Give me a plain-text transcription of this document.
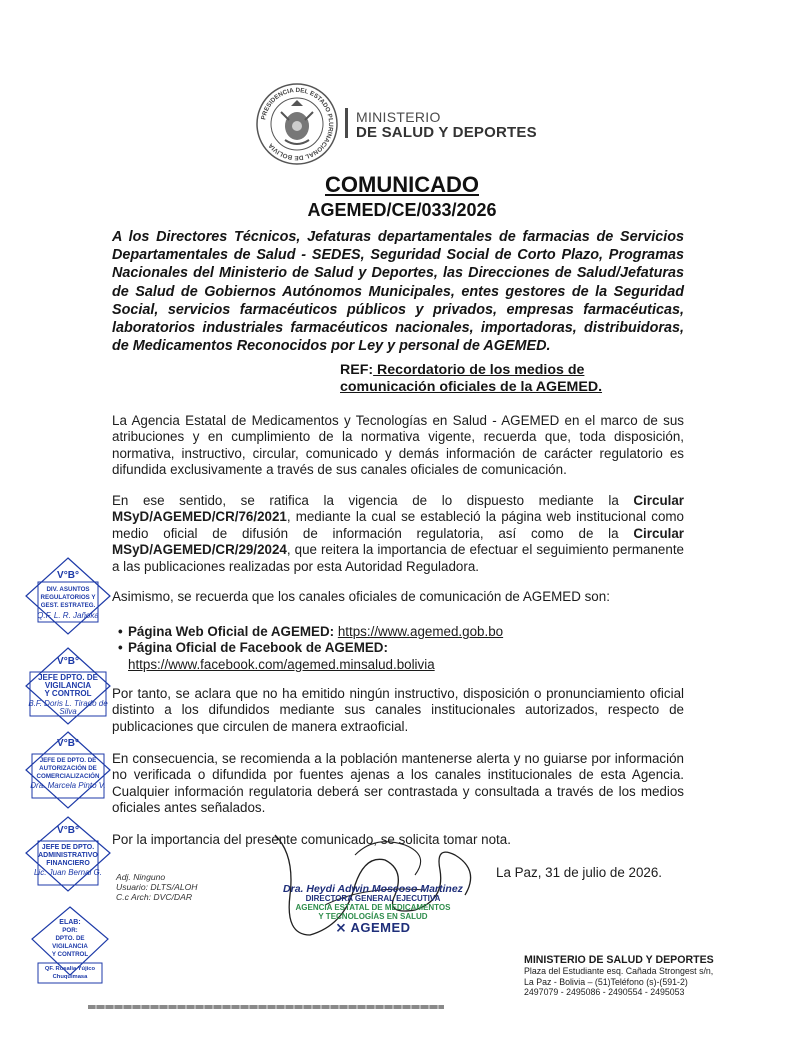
PRESIDENCIA DEL ESTADO PLURINACIONAL DE BOLIVIA
MINISTERIO
DE SALUD Y DEPORTES
COMUNICADO
AGEMED/CE/033/2026
A los Directores Técnicos, Jefaturas departamentales de farmacias de Servicios Departamentales de Salud - SEDES, Seguridad Social de Corto Plazo, Programas Nacionales del Ministerio de Salud y Deportes, las Direcciones de Salud/Jefaturas de Salud de Gobiernos Autónomos Municipales, entes gestores de la Seguridad Social, servicios farmacéuticos públicos y privados, empresas farmacéuticas, laboratorios industriales farmacéuticos nacionales, importadoras, distribuidoras, de Medicamentos Reconocidos por Ley y personal de AGEMED.
REF: Recordatorio de los medios de comunicación oficiales de la AGEMED.
La Agencia Estatal de Medicamentos y Tecnologías en Salud - AGEMED en el marco de sus atribuciones y en cumplimiento de la normativa vigente, recuerda que, toda disposición, normativa, instructivo, circular, comunicado y demás información de carácter regulatorio es difundida exclusivamente a través de sus canales oficiales de comunicación.
En ese sentido, se ratifica la vigencia de lo dispuesto mediante la Circular MSyD/AGEMED/CR/76/2021, mediante la cual se estableció la página web institucional como medio oficial de difusión de información regulatoria, así como de la Circular MSyD/AGEMED/CR/29/2024, que reitera la importancia de efectuar el seguimiento permanente a las publicaciones realizadas por esta Autoridad Reguladora.
Asimismo, se recuerda que los canales oficiales de comunicación de AGEMED son:
• Página Web Oficial de AGEMED: https://www.agemed.gob.bo
• Página Oficial de Facebook de AGEMED:
https://www.facebook.com/agemed.minsalud.bolivia
Por tanto, se aclara que no ha emitido ningún instructivo, disposición o pronunciamiento oficial distinto a los difundidos mediante sus canales institucionales autorizados, respecto de publicaciones que circulen de manera extraoficial.
En consecuencia, se recomienda a la población mantenerse alerta y no guiarse por información no verificada o difundida por fuentes ajenas a los canales institucionales de esta Agencia. Cualquier información regulatoria deberá ser contrastada y consultada a través de los medios oficiales antes señalados.
Por la importancia del presente comunicado, se solicita tomar nota.
La Paz, 31 de julio de 2026.
Adj. Ninguno
Usuario: DLTS/ALOH
C.c Arch: DVC/DAR
Dra. Heydi Adwin Moscoso Martinez
DIRECTORA GENERAL EJECUTIVA
AGENCIA ESTATAL DE MEDICAMENTOS
Y TECNOLOGÍAS EN SALUD
⨯ AGEMED
MINISTERIO DE SALUD Y DEPORTES
Plaza del Estudiante esq. Cañada Strongest s/n,
La Paz - Bolivia – (51)Teléfono (s)-(591-2)
2497079 - 2495086 - 2490554 - 2495053
V°B°
DIV. ASUNTOS
REGULATORIOS Y
GEST. ESTRATEG.
Q.F. L. R. Jañoka
V°B°
JEFE DPTO. DE
VIGILANCIA
Y CONTROL
B.F. Doris L. Tirado de Silva
V°B°
JEFE DE DPTO. DE
AUTORIZACIÓN DE
COMERCIALIZACIÓN
Dra. Marcela Pinto V.
V°B°
JEFE DE DPTO.
ADMINISTRATIVO
FINANCIERO
Lic. Juan Bernal G.
ELAB:
POR:
DPTO. DE
VIGILANCIA
Y CONTROL
QF. Rosalia Yújico Chuquimasa
